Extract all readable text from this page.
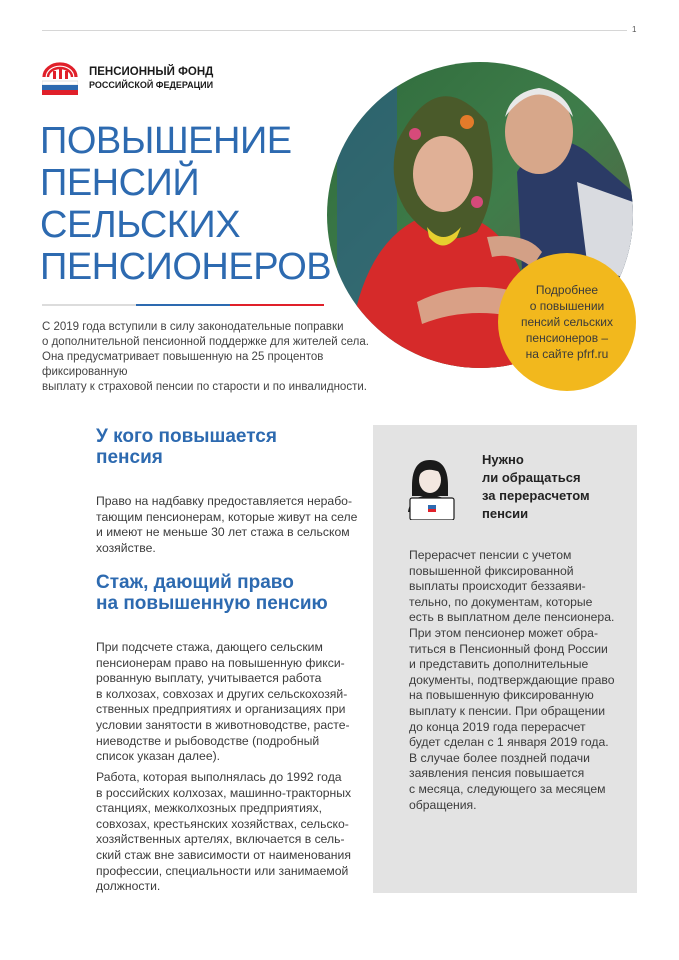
1
ПЕНСИОННЫЙ ФОНД
РОССИЙСКОЙ ФЕДЕРАЦИИ
ПОВЫШЕНИЕ
ПЕНСИЙ
СЕЛЬСКИХ
ПЕНСИОНЕРОВ
Подробнее
о повышении
пенсий сельских
пенсионеров –
на сайте pfrf.ru

С 2019 года вступили в силу законодательные поправки
о дополнительной пенсионной поддержке для жителей села.
Она предусматривает повышенную на 25 процентов фиксированную
выплату к страховой пенсии по старости и по инвалидности.

У кого повышается
пенсия

Право на надбавку предоставляется нерабо-
тающим пенсионерам, которые живут на селе
и имеют не меньше 30 лет стажа в сельском
хозяйстве.

Стаж, дающий право
на повышенную пенсию

При подсчете стажа, дающего сельским
пенсионерам право на повышенную фикси-
рованную выплату, учитывается работа
в колхозах, совхозах и других сельскохозяй-
ственных предприятиях и организациях при
условии занятости в животноводстве, расте-
ниеводстве и рыбоводстве (подробный
список указан далее).

Работа, которая выполнялась до 1992 года
в российских колхозах, машинно-тракторных
станциях, межколхозных предприятиях,
совхозах, крестьянских хозяйствах, сельско-
хозяйственных артелях, включается в сель-
ский стаж вне зависимости от наименования
профессии, специальности или занимаемой
должности.

Нужно
ли обращаться
за перерасчетом
пенсии

Перерасчет пенсии с учетом
повышенной фиксированной
выплаты происходит беззаяви-
тельно, по документам, которые
есть в выплатном деле пенсионера.
При этом пенсионер может обра-
титься в Пенсионный фонд России
и представить дополнительные
документы, подтверждающие право
на повышенную фиксированную
выплату к пенсии. При обращении
до конца 2019 года перерасчет
будет сделан с 1 января 2019 года.
В случае более поздней подачи
заявления пенсия повышается
с месяца, следующего за месяцем
обращения.
